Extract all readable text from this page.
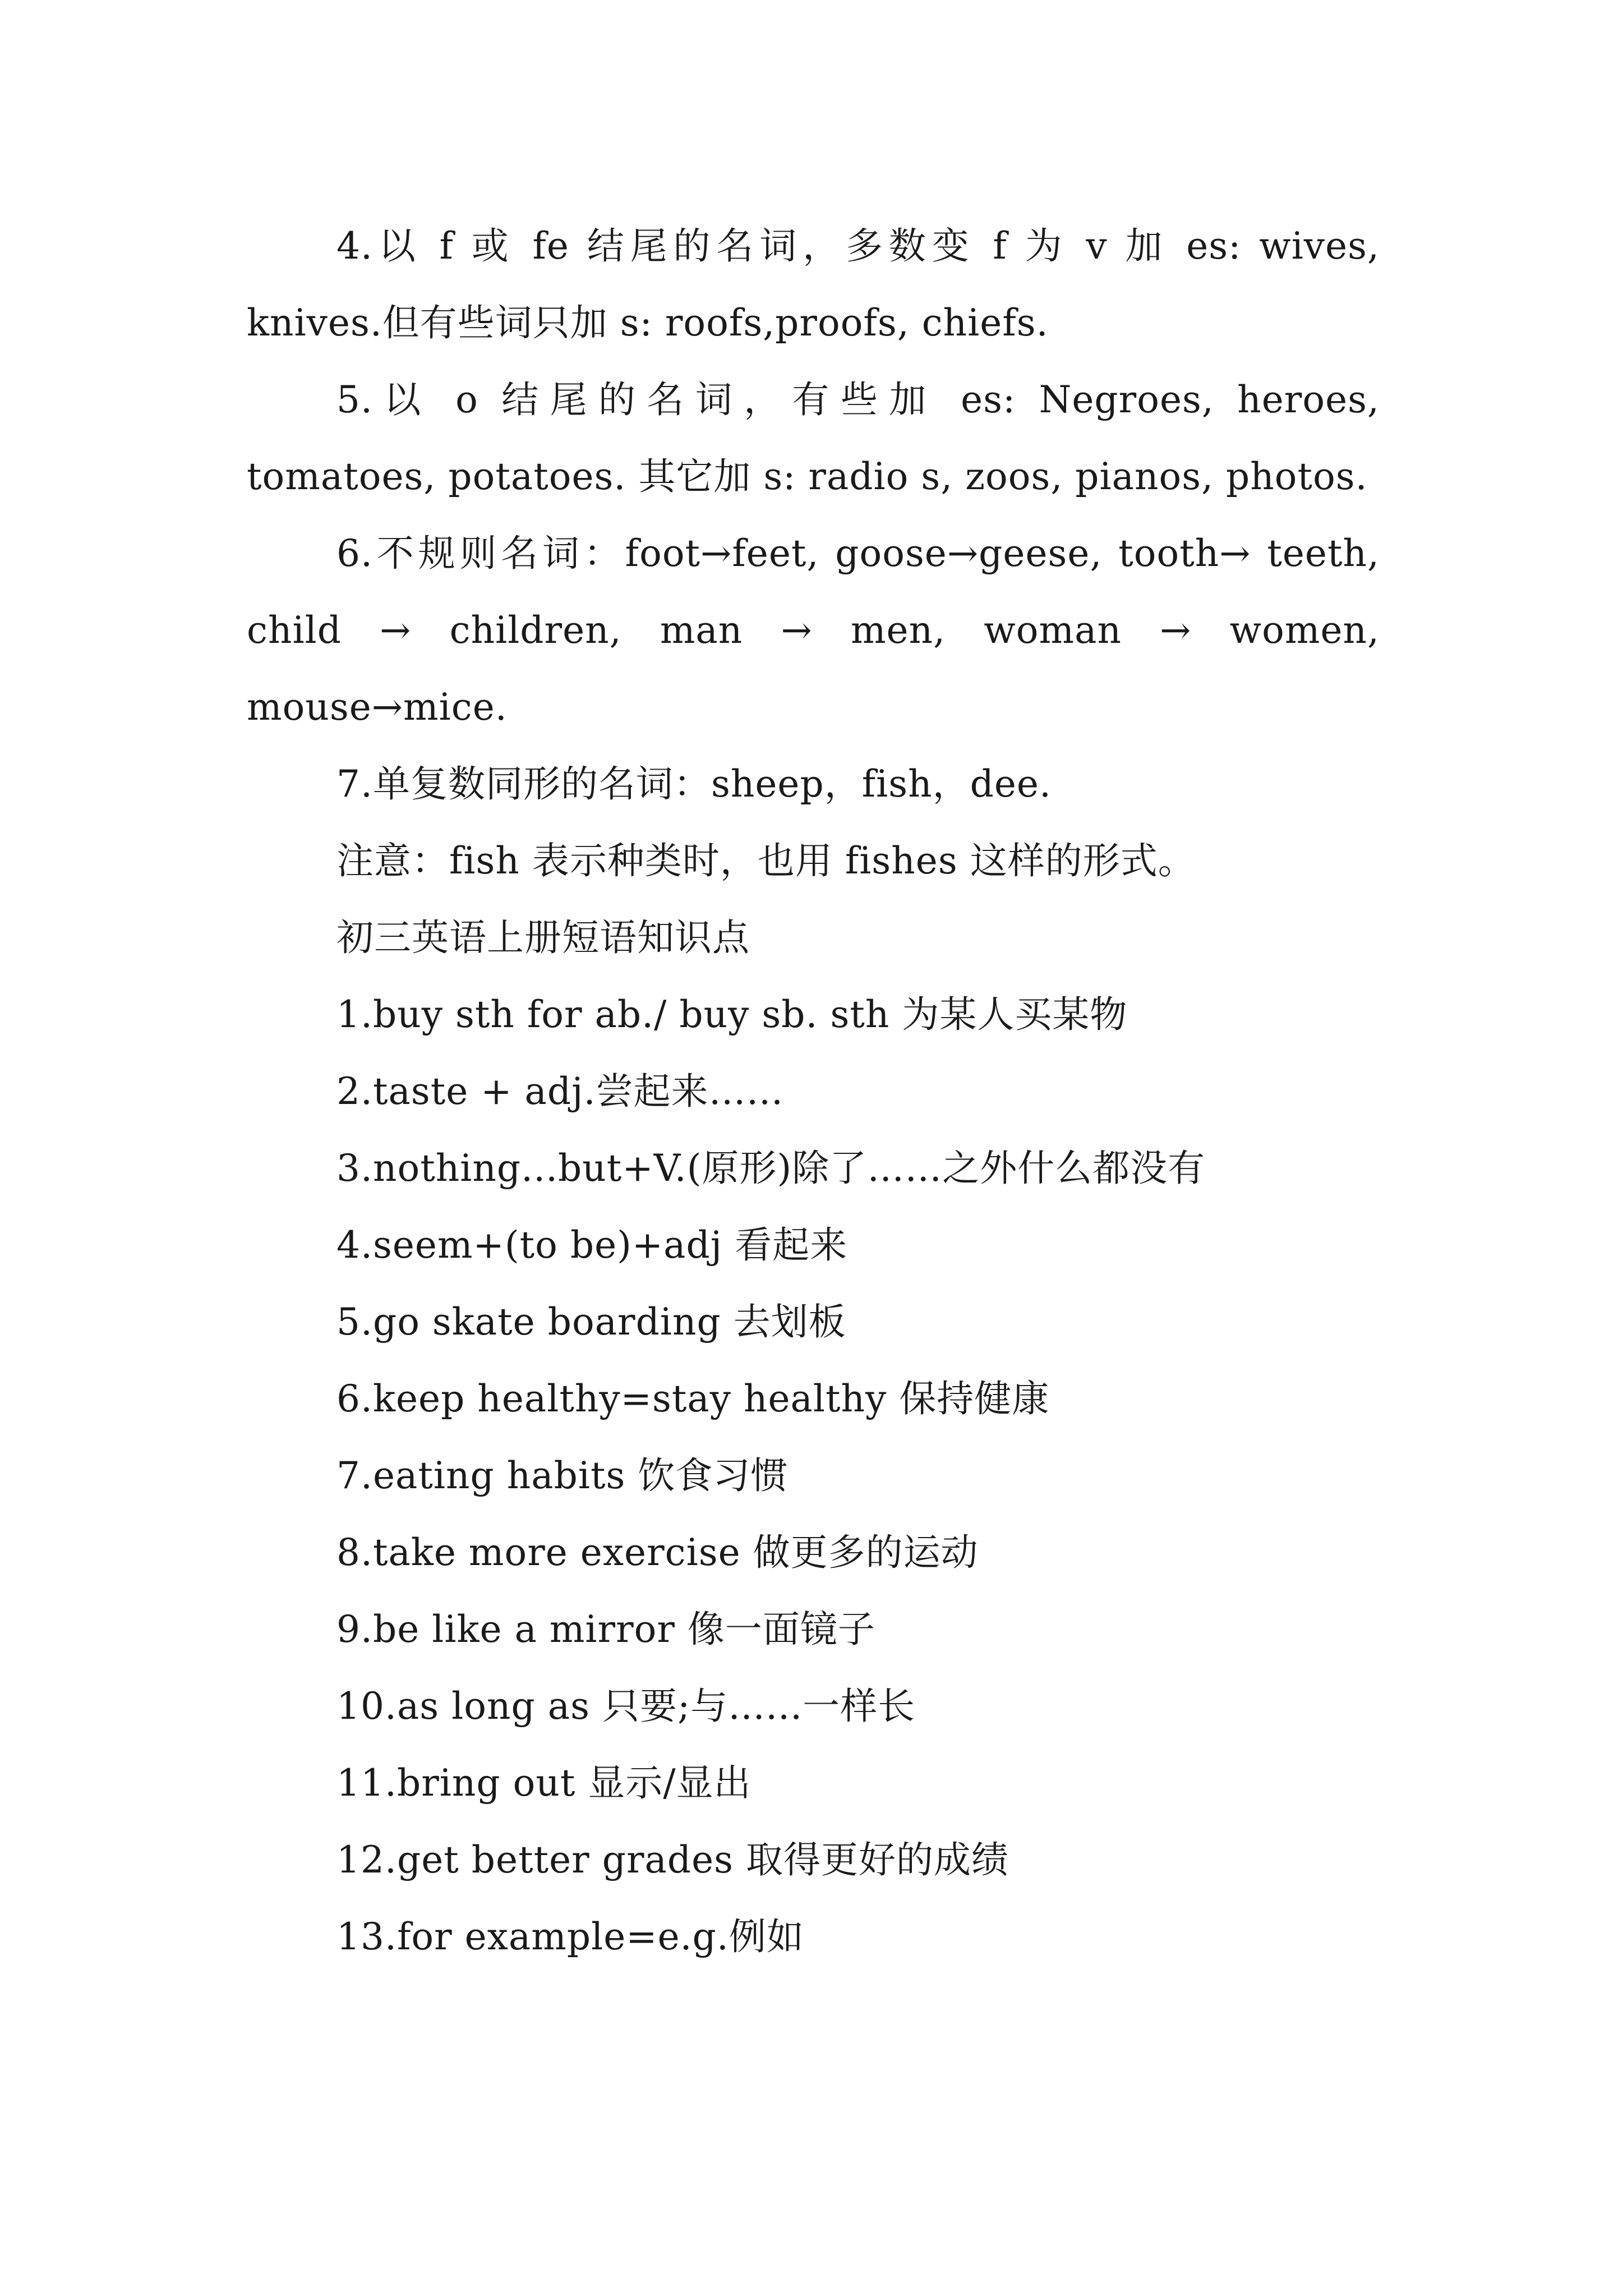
4.以 f 或 fe 结尾的名词，多数变 f 为 v 加 es: wives, knives.但有些词只加 s: roofs,proofs, chiefs.

5.以 o 结尾的名词，有些加 es: Negroes, heroes, tomatoes, potatoes. 其它加 s: radio s, zoos, pianos, photos.

6.不规则名词：foot→feet, goose→geese, tooth→ teeth, child → children, man → men, woman → women, mouse→mice.

7.单复数同形的名词：sheep，fish，dee.

注意：fish 表示种类时，也用 fishes 这样的形式。

初三英语上册短语知识点

1.buy sth for ab./ buy sb. sth 为某人买某物

2.taste + adj.尝起来……

3.nothing...but+V.(原形)除了……之外什么都没有

4.seem+(to be)+adj 看起来

5.go skate boarding 去划板

6.keep healthy=stay healthy 保持健康

7.eating habits 饮食习惯

8.take more exercise 做更多的运动

9.be like a mirror 像一面镜子

10.as long as 只要;与…...一样长

11.bring out 显示/显出

12.get better grades 取得更好的成绩

13.for example=e.g.例如
